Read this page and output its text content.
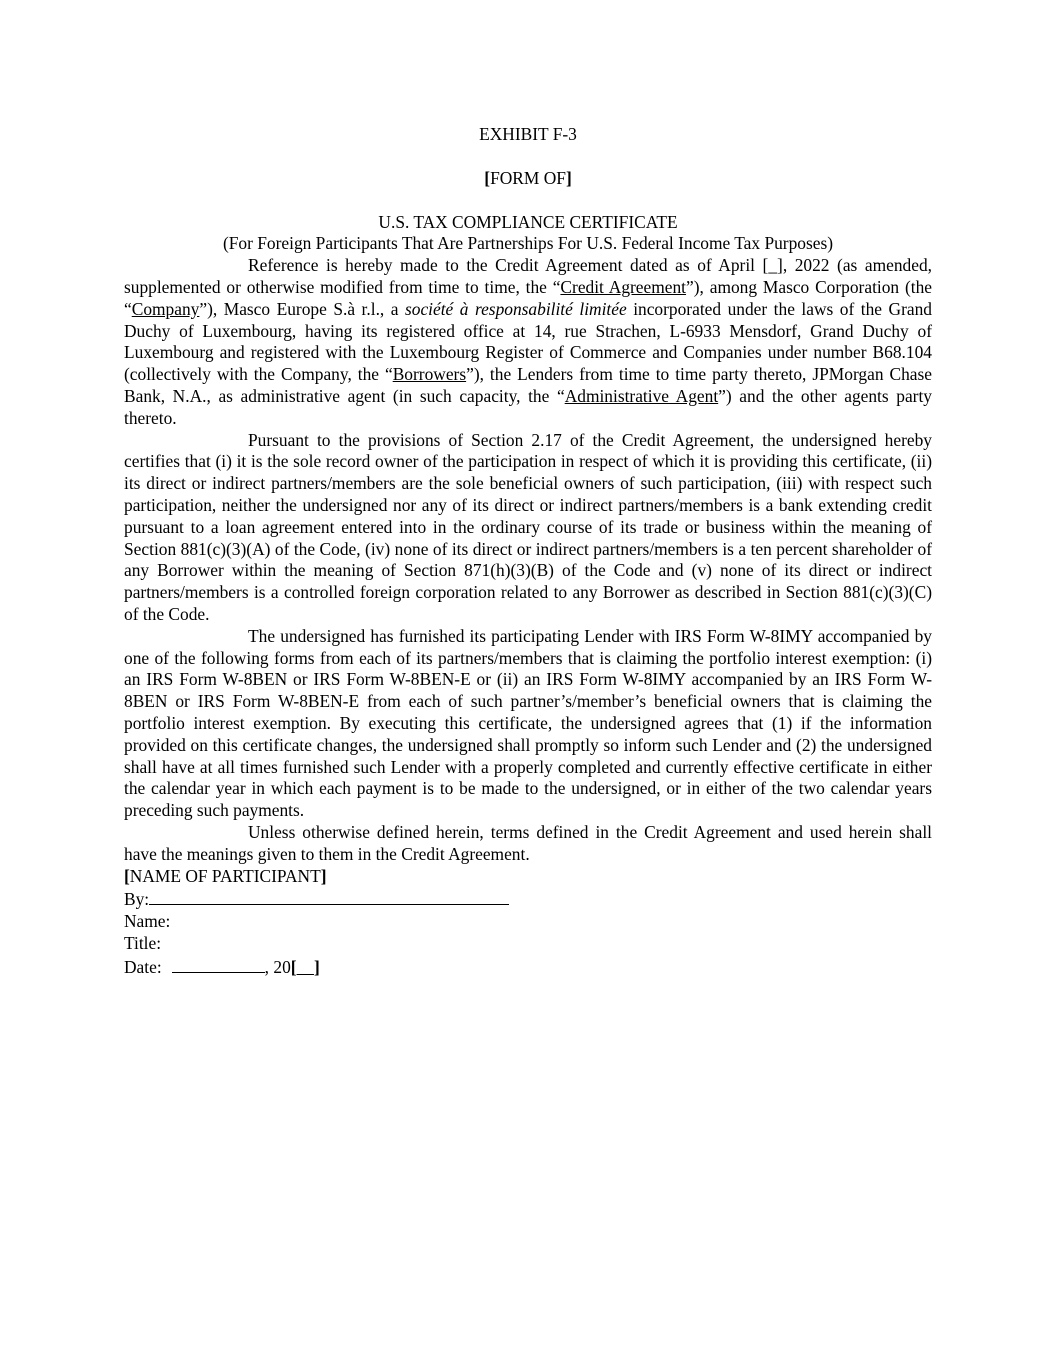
EXHIBIT F-3
[FORM OF]
U.S. TAX COMPLIANCE CERTIFICATE
(For Foreign Participants That Are Partnerships For U.S. Federal Income Tax Purposes)

Reference is hereby made to the Credit Agreement dated as of April [_], 2022 (as amended, supplemented or otherwise modified from time to time, the “Credit Agreement”), among Masco Corporation (the “Company”), Masco Europe S.à r.l., a société à responsabilité limitée incorporated under the laws of the Grand Duchy of Luxembourg, having its registered office at 14, rue Strachen, L-6933 Mensdorf, Grand Duchy of Luxembourg and registered with the Luxembourg Register of Commerce and Companies under number B68.104 (collectively with the Company, the “Borrowers”), the Lenders from time to time party thereto, JPMorgan Chase Bank, N.A., as administrative agent (in such capacity, the “Administrative Agent”) and the other agents party thereto.

Pursuant to the provisions of Section 2.17 of the Credit Agreement, the undersigned hereby certifies that (i) it is the sole record owner of the participation in respect of which it is providing this certificate, (ii) its direct or indirect partners/members are the sole beneficial owners of such participation, (iii) with respect such participation, neither the undersigned nor any of its direct or indirect partners/members is a bank extending credit pursuant to a loan agreement entered into in the ordinary course of its trade or business within the meaning of Section 881(c)(3)(A) of the Code, (iv) none of its direct or indirect partners/members is a ten percent shareholder of any Borrower within the meaning of Section 871(h)(3)(B) of the Code and (v) none of its direct or indirect partners/members is a controlled foreign corporation related to any Borrower as described in Section 881(c)(3)(C) of the Code.

The undersigned has furnished its participating Lender with IRS Form W-8IMY accompanied by one of the following forms from each of its partners/members that is claiming the portfolio interest exemption: (i) an IRS Form W-8BEN or IRS Form W-8BEN-E or (ii) an IRS Form W-8IMY accompanied by an IRS Form W-8BEN or IRS Form W-8BEN-E from each of such partner’s/member’s beneficial owners that is claiming the portfolio interest exemption. By executing this certificate, the undersigned agrees that (1) if the information provided on this certificate changes, the undersigned shall promptly so inform such Lender and (2) the undersigned shall have at all times furnished such Lender with a properly completed and currently effective certificate in either the calendar year in which each payment is to be made to the undersigned, or in either of the two calendar years preceding such payments.

Unless otherwise defined herein, terms defined in the Credit Agreement and used herein shall have the meanings given to them in the Credit Agreement.

[NAME OF PARTICIPANT]

By:

Name:

Title:

Date:	, 20[ ]
